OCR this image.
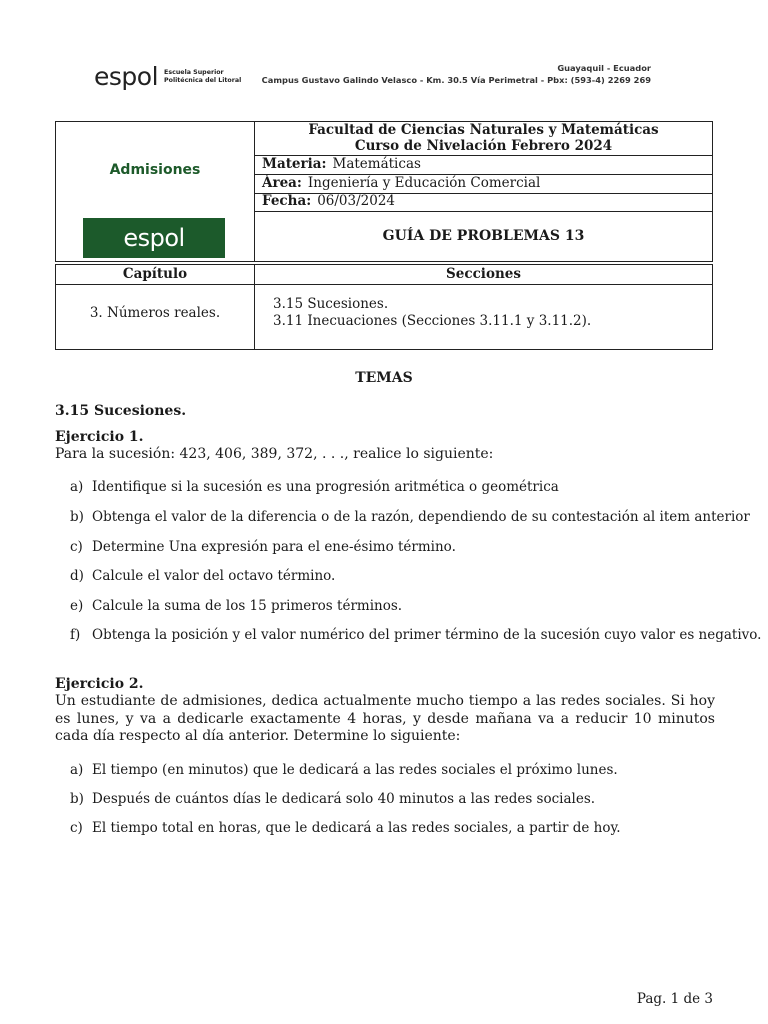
espol Escuela Superior
Politécnica del Litoral
Guayaquil - Ecuador
Campus Gustavo Galindo Velasco - Km. 30.5 Vía Perimetral - Pbx: (593-4) 2269 269
Admisiones
espol
Facultad de Ciencias Naturales y Matemáticas
Curso de Nivelación Febrero 2024
Materia: Matemáticas
Área: Ingeniería y Educación Comercial
Fecha: 06/03/2024
GUÍA DE PROBLEMAS 13
Capítulo	Secciones
3. Números reales.
3.15 Sucesiones.
3.11 Inecuaciones (Secciones 3.11.1 y 3.11.2).
TEMAS
3.15 Sucesiones.
Ejercicio 1.
Para la sucesión: 423, 406, 389, 372, . . ., realice lo siguiente:
a) Identifique si la sucesión es una progresión aritmética o geométrica
b) Obtenga el valor de la diferencia o de la razón, dependiendo de su contestación al item anterior
c) Determine Una expresión para el ene-ésimo término.
d) Calcule el valor del octavo término.
e) Calcule la suma de los 15 primeros términos.
f) Obtenga la posición y el valor numérico del primer término de la sucesión cuyo valor es negativo.
Ejercicio 2.
Un estudiante de admisiones, dedica actualmente mucho tiempo a las redes sociales. Si hoy es lunes, y va a dedicarle exactamente 4 horas, y desde mañana va a reducir 10 minutos cada día respecto al día anterior. Determine lo siguiente:
a) El tiempo (en minutos) que le dedicará a las redes sociales el próximo lunes.
b) Después de cuántos días le dedicará solo 40 minutos a las redes sociales.
c) El tiempo total en horas, que le dedicará a las redes sociales, a partir de hoy.
Pag. 1 de 3
